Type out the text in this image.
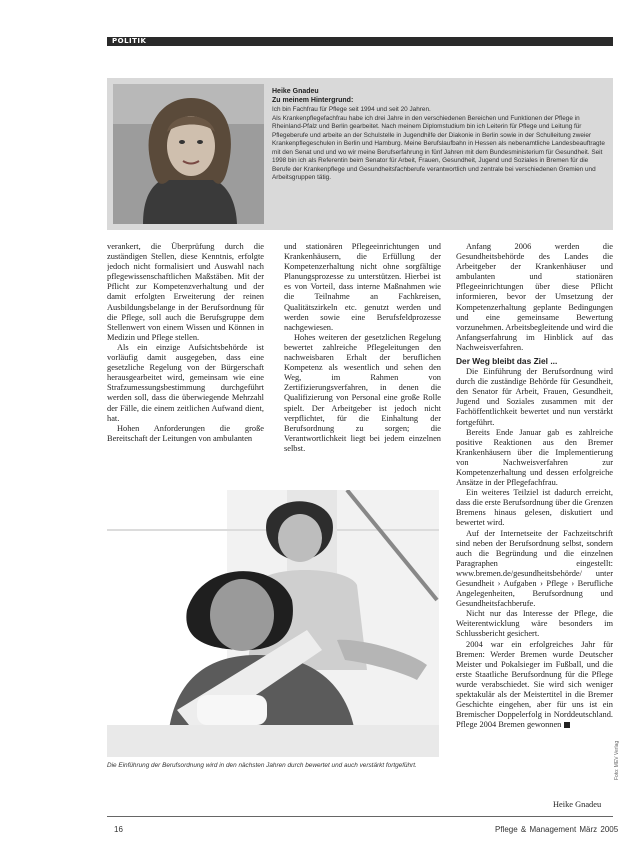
POLITIK
Heike Gnadeu
Zu meinem Hintergrund:

Ich bin Fachfrau für Pflege seit 1994 und seit 20 Jahren.

Als Krankenpflegefachfrau habe ich drei Jahre in den verschiedenen Bereichen und Funktionen der Pflege in Rheinland-Pfalz und Berlin gearbeitet. Nach meinem Diplomstudium bin ich Leiterin für Pflege und Leitung für Pflegeberufe und arbeite an der Schulstelle in Jugendhilfe der Diakonie in Berlin sowie in der Schulleitung zweier Krankenpflegeschulen in Berlin und Hamburg. Meine Berufslaufbahn in Hessen als nebenamtliche Landesbeauftragte mit den Senat und und wo wir meine Berufserfahrung in fünf Jahren mit dem Bundesministerium für Gesundheit. Seit 1998 bin ich als Referentin beim Senator für Arbeit, Frauen, Gesundheit, Jugend und Soziales in Bremen für die Berufe der Krankenpflege und Gesundheitsfachberufe verantwortlich und zentrale bei verschiedenen Gremien und Arbeitsgruppen tätig.

verankert, die Überprüfung durch die zuständigen Stellen, diese Kenntnis, erfolgte jedoch nicht formalisiert und Auswahl nach pflegewissenschaftlichen Maßstäben. Mit der Pflicht zur Kompetenzverhaltung und der damit erfolgten Erweiterung der reinen Ausbildungsbelange in der Berufsordnung für die Pflege, soll auch die Berufsgruppe dem Stellenwert von einem Wissen und Können in Medizin und Pflege stellen.

Als ein einzige Aufsichtsbehörde ist vorläufig damit ausgegeben, dass eine gesetzliche Regelung von der Bürgerschaft herausgearbeitet wird, gemeinsam wie eine Strafzumessungsbestimmung durchgeführt werden soll, dass die überwiegende Mehrzahl der Fälle, die einem zeitlichen Aufwand dient, hat.

Hohen Anforderungen die große Bereitschaft der Leitungen von ambulanten

und stationären Pflegeeinrichtungen und Krankenhäusern, die Erfüllung der Kompetenzerhaltung nicht ohne sorgfältige Planungsprozesse zu unterstützen. Hierbei ist es von Vorteil, dass interne Maßnahmen wie die Teilnahme an Fachkreisen, Qualitätszirkeln etc. genutzt werden und werden sowie eine Berufsfeldprozesse nachgewiesen.

Hohes weiteren der gesetzlichen Regelung bewertet zahlreiche Pflegeleitungen den nachweisbaren Erhalt der beruflichen Kompetenz als wesentlich und sehen den Weg, im Rahmen von Zertifizierungsverfahren, in denen die Qualifizierung von Personal eine große Rolle spielt. Der Arbeitgeber ist jedoch nicht verpflichtet, für die Einhaltung der Berufsordnung zu sorgen; die Verantwortlichkeit liegt bei jedem einzelnen selbst.

Anfang 2006 werden die Gesundheitsbehörde des Landes die Arbeitgeber der Krankenhäuser und ambulanten und stationären Pflegeeinrichtungen über diese Pflicht informieren, bevor der Umsetzung der Kompetenzerhaltung geplante Bedingungen und eine gemeinsame Bewertung vorzunehmen. Arbeitsbegleitende und wird die Anfangserfahrung im Hinblick auf das Nachweisverfahren.

Der Weg bleibt das Ziel ...

Die Einführung der Berufsordnung wird durch die zuständige Behörde für Gesundheit, den Senator für Arbeit, Frauen, Gesundheit, Jugend und Soziales zusammen mit der Fachöffentlichkeit bewertet und nun verstärkt fortgeführt.

Bereits Ende Januar gab es zahlreiche positive Reaktionen aus den Bremer Krankenhäusern über die Implementierung von Nachweisverfahren zur Kompetenzerhaltung und dessen erfolgreiche Ansätze in der Pflegefachfrau.

Ein weiteres Teilziel ist dadurch erreicht, dass die erste Berufsordnung über die Grenzen Bremens hinaus gelesen, diskutiert und bewertet wird.

Auf der Internetseite der Fachzeitschrift sind neben der Berufsordnung selbst, sondern auch die Begründung und die einzelnen Paragraphen eingestellt: www.bremen.de/gesundheitsbehörde/ unter Gesundheit › Aufgaben › Pflege › Berufliche Angelegenheiten, Berufsordnung und Gesundheitsfachberufe.

Nicht nur das Interesse der Pflege, die Weiterentwicklung wäre besonders im Schlussbericht gesichert.

2004 war ein erfolgreiches Jahr für Bremen: Werder Bremen wurde Deutscher Meister und Pokalsieger im Fußball, und die erste Staatliche Berufsordnung für die Pflege wurde verabschiedet. Sie wird sich weniger spektakulär als der Meistertitel in die Bremer Geschichte eingehen, aber für uns ist ein Bremischer Doppelerfolg in Norddeutschland. Pflege 2004 Bremen gewonnen

Die Einführung der Berufsordnung wird in den nächsten Jahren durch bewertet und auch verstärkt fortgeführt.	Foto: MEV Verlag
Heike Gnadeu
16	Pflege & Management März 2005
